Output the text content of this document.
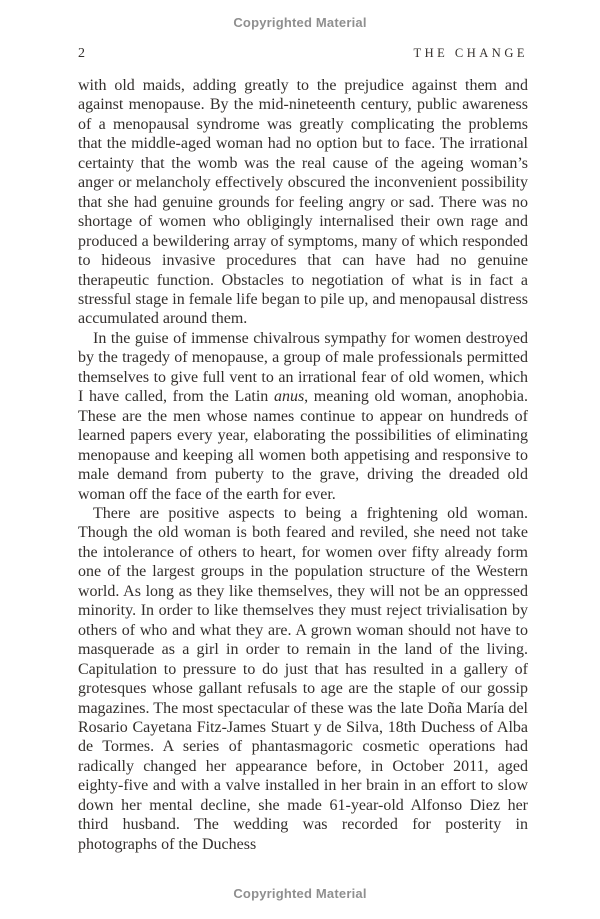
Copyrighted Material
2	THE CHANGE

with old maids, adding greatly to the prejudice against them and against menopause. By the mid-nineteenth century, public awareness of a menopausal syndrome was greatly complicating the problems that the middle-aged woman had no option but to face. The irrational certainty that the womb was the real cause of the ageing woman’s anger or melancholy effectively obscured the inconvenient possibility that she had genuine grounds for feeling angry or sad. There was no shortage of women who obligingly internalised their own rage and produced a bewildering array of symptoms, many of which responded to hideous invasive procedures that can have had no genuine therapeutic function. Obstacles to negotiation of what is in fact a stressful stage in female life began to pile up, and menopausal distress accumulated around them.

In the guise of immense chivalrous sympathy for women destroyed by the tragedy of menopause, a group of male professionals permitted themselves to give full vent to an irrational fear of old women, which I have called, from the Latin anus, meaning old woman, anophobia. These are the men whose names continue to appear on hundreds of learned papers every year, elaborating the possibilities of eliminating menopause and keeping all women both appetising and responsive to male demand from puberty to the grave, driving the dreaded old woman off the face of the earth for ever.

There are positive aspects to being a frightening old woman. Though the old woman is both feared and reviled, she need not take the intolerance of others to heart, for women over fifty already form one of the largest groups in the population structure of the Western world. As long as they like themselves, they will not be an oppressed minority. In order to like themselves they must reject trivialisation by others of who and what they are. A grown woman should not have to masquerade as a girl in order to remain in the land of the living. Capitulation to pressure to do just that has resulted in a gallery of grotesques whose gallant refusals to age are the staple of our gossip magazines. The most spectacular of these was the late Doña María del Rosario Cayetana Fitz-James Stuart y de Silva, 18th Duchess of Alba de Tormes. A series of phantasmagoric cosmetic operations had radically changed her appearance before, in October 2011, aged eighty-five and with a valve installed in her brain in an effort to slow down her mental decline, she made 61-year-old Alfonso Diez her third husband. The wedding was recorded for posterity in photographs of the Duchess

Copyrighted Material
